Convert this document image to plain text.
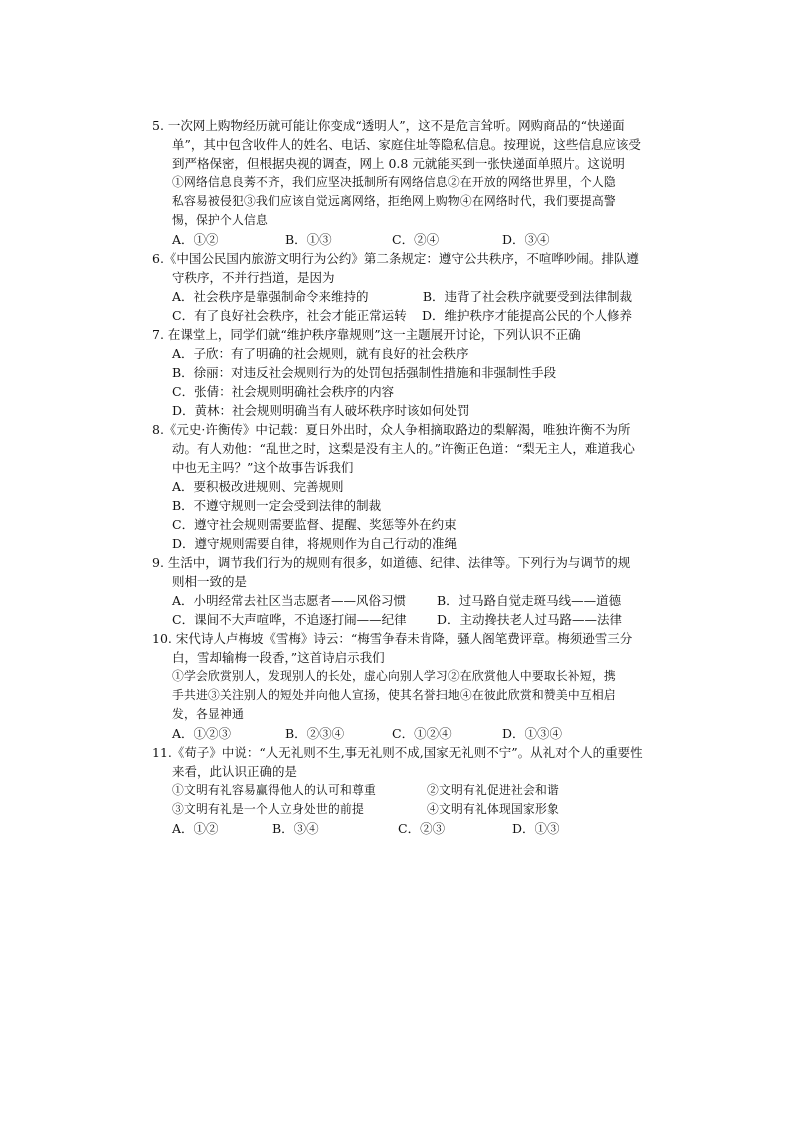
5. 一次网上购物经历就可能让你变成“透明人”，这不是危言耸听。网购商品的“快递面
单”，其中包含收件人的姓名、电话、家庭住址等隐私信息。按理说，这些信息应该受
到严格保密，但根据央视的调查，网上 0.8 元就能买到一张快递面单照片。这说明
①网络信息良莠不齐，我们应坚决抵制所有网络信息②在开放的网络世界里，个人隐
私容易被侵犯③我们应该自觉远离网络，拒绝网上购物④在网络时代，我们要提高警
惕，保护个人信息
A．①②	B．①③	C．②④	D．③④
6.《中国公民国内旅游文明行为公约》第二条规定：遵守公共秩序，不喧哗吵闹。排队遵
守秩序，不并行挡道，是因为
A．社会秩序是靠强制命令来维持的	B．违背了社会秩序就要受到法律制裁
C．有了良好社会秩序，社会才能正常运转	D．维护秩序才能提高公民的个人修养
7. 在课堂上，同学们就“维护秩序靠规则”这一主题展开讨论，下列认识不正确
A．子欣：有了明确的社会规则，就有良好的社会秩序
B．徐丽：对违反社会规则行为的处罚包括强制性措施和非强制性手段
C．张倩：社会规则明确社会秩序的内容
D．黄林：社会规则明确当有人破坏秩序时该如何处罚
8.《元史·许衡传》中记载：夏日外出时，众人争相摘取路边的梨解渴，唯独许衡不为所
动。有人劝他：“乱世之时，这梨是没有主人的。”许衡正色道：“梨无主人，难道我心
中也无主吗？”这个故事告诉我们
A．要积极改进规则、完善规则
B．不遵守规则一定会受到法律的制裁
C．遵守社会规则需要监督、提醒、奖惩等外在约束
D．遵守规则需要自律，将规则作为自己行动的准绳
9. 生活中，调节我们行为的规则有很多，如道德、纪律、法律等。下列行为与调节的规
则相一致的是
A．小明经常去社区当志愿者——风俗习惯	B．过马路自觉走斑马线——道德
C．课间不大声喧哗，不追逐打闹——纪律	D．主动搀扶老人过马路——法律
10. 宋代诗人卢梅坡《雪梅》诗云：“梅雪争春未肯降，骚人阁笔费评章。梅须逊雪三分
白，雪却输梅一段香，”这首诗启示我们
①学会欣赏别人，发现别人的长处，虚心向别人学习②在欣赏他人中要取长补短，携
手共进③关注别人的短处并向他人宣扬，使其名誉扫地④在彼此欣赏和赞美中互相启
发，各显神通
A．①②③	B．②③④	C．①②④	D．①③④
11.《荀子》中说：“人无礼则不生,事无礼则不成,国家无礼则不宁”。从礼对个人的重要性
来看，此认识正确的是
①文明有礼容易赢得他人的认可和尊重	②文明有礼促进社会和谐
③文明有礼是一个人立身处世的前提	④文明有礼体现国家形象
A．①②	B．③④	C．②③	D．①③
